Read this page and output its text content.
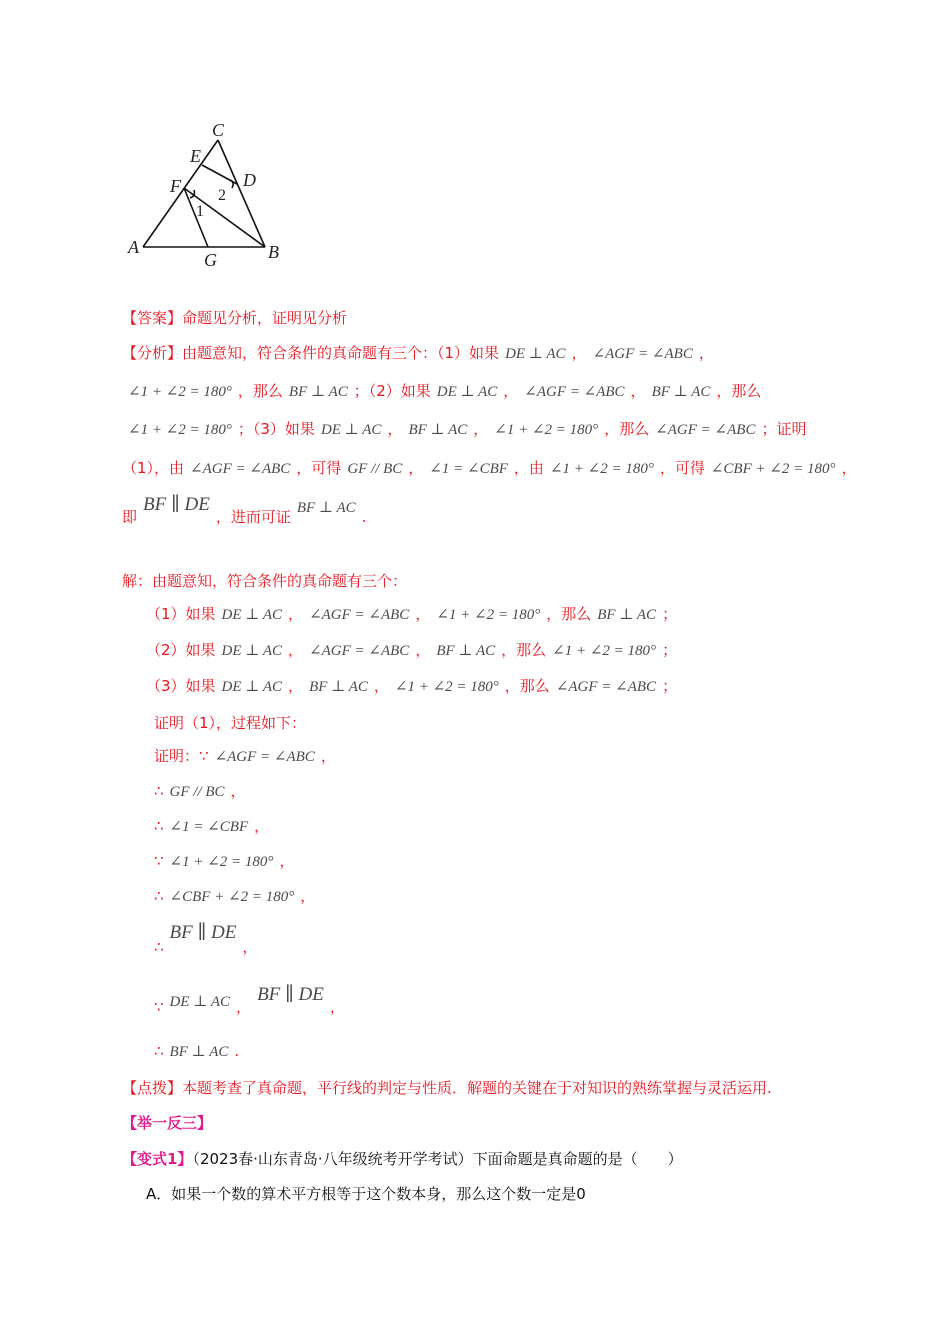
C
E
D
F 2
1
A
G	B
【答案】命题见分析，证明见分析
【分析】由题意知，符合条件的真命题有三个：（1）如果 DE ⊥ AC ， ∠AGF = ∠ABC ，
∠1 + ∠2 = 180° ，那么 BF ⊥ AC ；（2）如果 DE ⊥ AC ， ∠AGF = ∠ABC ， BF ⊥ AC ，那么
∠1 + ∠2 = 180° ；（3）如果 DE ⊥ AC ， BF ⊥ AC ， ∠1 + ∠2 = 180° ，那么 ∠AGF = ∠ABC ；证明
（1），由 ∠AGF = ∠ABC ，可得 GF // BC ， ∠1 = ∠CBF ，由 ∠1 + ∠2 = 180° ，可得 ∠CBF + ∠2 = 180° ，
即BF ∥ DE，进而可证 BF ⊥ AC .
解：由题意知，符合条件的真命题有三个：
（1）如果 DE ⊥ AC ， ∠AGF = ∠ABC ， ∠1 + ∠2 = 180° ，那么 BF ⊥ AC ；
（2）如果 DE ⊥ AC ， ∠AGF = ∠ABC ， BF ⊥ AC ，那么 ∠1 + ∠2 = 180° ；
（3）如果 DE ⊥ AC ， BF ⊥ AC ， ∠1 + ∠2 = 180° ，那么 ∠AGF = ∠ABC ；
证明（1），过程如下：
证明：∵ ∠AGF = ∠ABC ，
∴ GF // BC ，
∴ ∠1 = ∠CBF ，
∵ ∠1 + ∠2 = 180° ，
∴ ∠CBF + ∠2 = 180° ，
∴BF ∥ DE，
∵ DE ⊥ AC ，BF ∥ DE，
∴ BF ⊥ AC .
【点拨】本题考查了真命题，平行线的判定与性质．解题的关键在于对知识的熟练掌握与灵活运用.
【举一反三】
【变式1】（2023春·山东青岛·八年级统考开学考试）下面命题是真命题的是（　　）
A．如果一个数的算术平方根等于这个数本身，那么这个数一定是0
